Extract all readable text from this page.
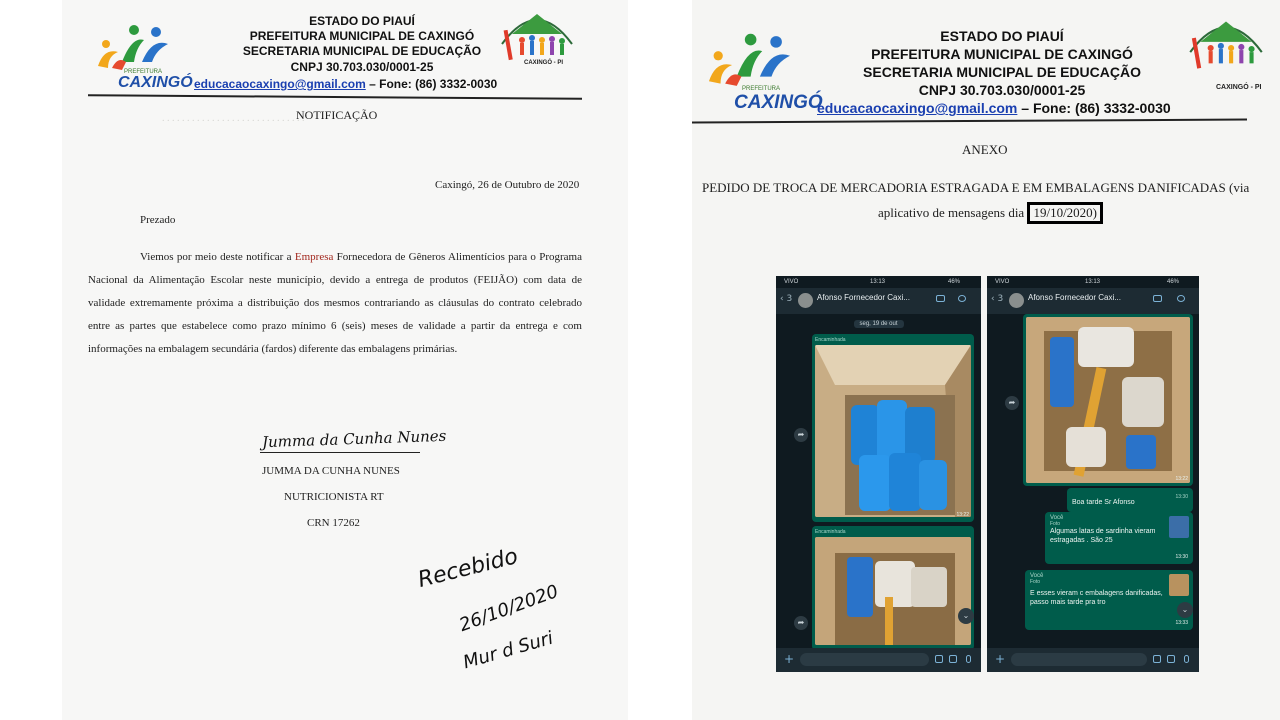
PREFEITURA
CAXINGÓ
ESTADO DO PIAUÍ
PREFEITURA MUNICIPAL DE CAXINGÓ
SECRETARIA MUNICIPAL DE EDUCAÇÃO
CNPJ 30.703.030/0001-25
educacaocaxingo@gmail.com – Fone: (86) 3332-0030
CAXINGÓ - PI
. . . . . . . . . . . . . . . . . . . . . . . . . . . . .
NOTIFICAÇÃO
Caxingó, 26 de Outubro de 2020
Prezado
Viemos por meio deste notificar a Empresa Fornecedora de Gêneros Alimentícios para o Programa Nacional da Alimentação Escolar neste município, devido a entrega de produtos (FEIJÃO) com data de validade extremamente próxima a distribuição dos mesmos contrariando as cláusulas do contrato celebrado entre as partes que estabelece como prazo mínimo 6 (seis) meses de validade a partir da entrega e com informações na embalagem secundária (fardos) diferente das embalagens primárias.
Jumma da Cunha Nunes
JUMMA DA CUNHA NUNES
NUTRICIONISTA RT
CRN 17262
Recebido
26/10/2020
Mur d Suri
PREFEITURA
CAXINGÓ
ESTADO DO PIAUÍ
PREFEITURA MUNICIPAL DE CAXINGÓ
SECRETARIA MUNICIPAL DE EDUCAÇÃO
CNPJ 30.703.030/0001-25
educacaocaxingo@gmail.com – Fone: (86) 3332-0030
CAXINGÓ - PI
ANEXO
PEDIDO DE TROCA DE MERCADORIA ESTRAGADA E EM EMBALAGENS DANIFICADAS (via
aplicativo de mensagens dia 19/10/2020)
VIVO	13:13	46%
‹ 3	Afonso Fornecedor Caxi...
seg, 19 de out
Encaminhada
13:22
➦
Encaminhada
➦
⌄
+
VIVO	13:13	46%
‹ 3	Afonso Fornecedor Caxi...
13:22
➦
Boa tarde Sr Afonso
13:30
Você
Foto
Algumas latas de sardinha vieram estragadas . São 25
13:30
Você
Foto
E esses vieram c embalagens danificadas, passo mais tarde pra tro
13:33
⌄
+
